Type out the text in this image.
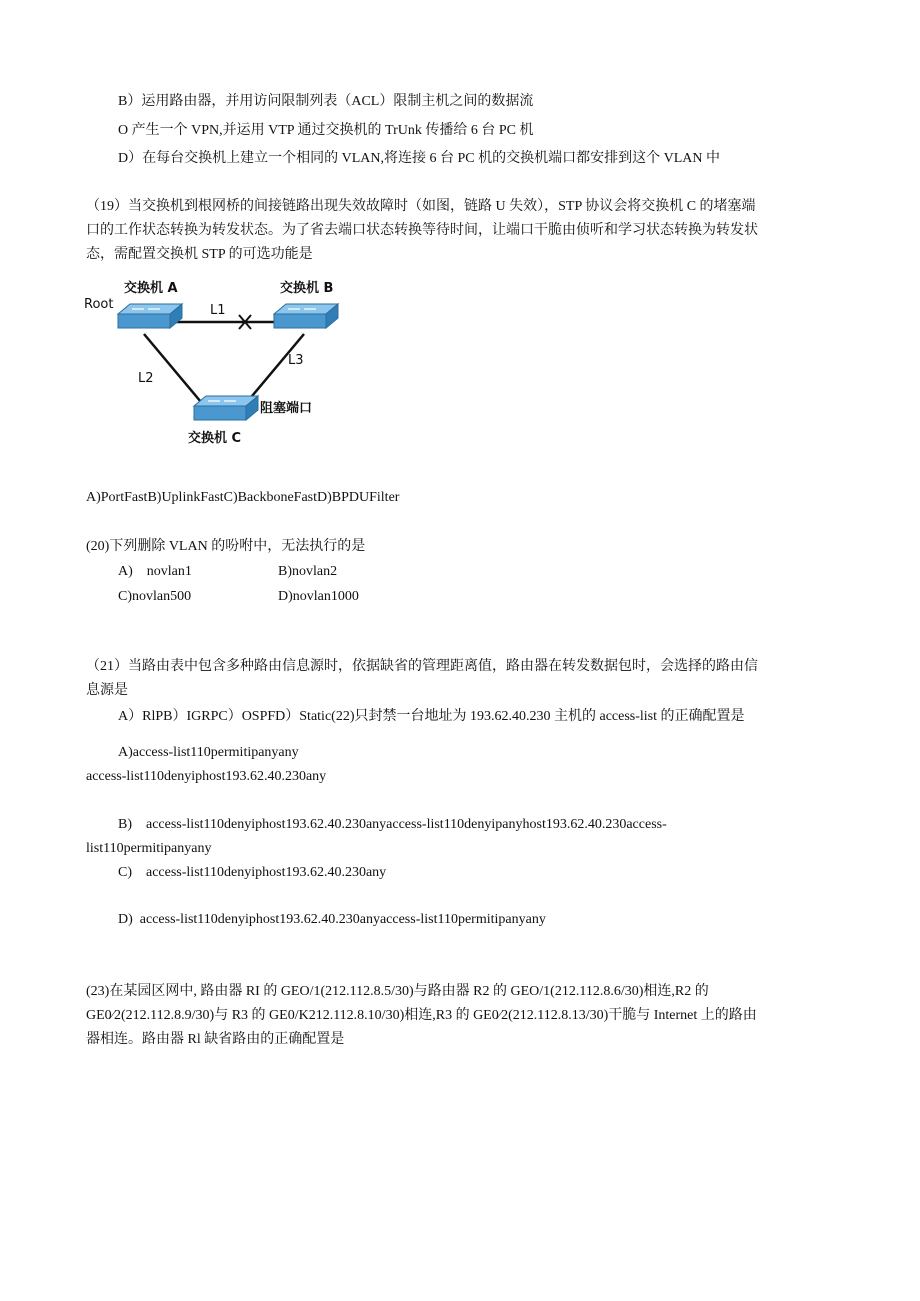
B）运用路由器，并用访问限制列表（ACL）限制主机之间的数据流
O 产生一个 VPN,并运用 VTP 通过交换机的 TrUnk 传播给 6 台 PC 机
D）在每台交换机上建立一个相同的 VLAN,将连接 6 台 PC 机的交换机端口都安排到这个 VLAN 中
（19）当交换机到根网桥的间接链路出现失效故障时（如图，链路 U 失效），STP 协议会将交换机 C 的堵塞端
口的工作状态转换为转发状态。为了省去端口状态转换等待时间，让端口干脆由侦听和学习状态转换为转发状
态，需配置交换机 STP 的可选功能是
Root
交换机 A	交换机 B
L1
L2
L3
阻塞端口
交换机 C
A)PortFastB)UplinkFastC)BackboneFastD)BPDUFilter
(20)下列删除 VLAN 的吩咐中，无法执行的是
A)    novlan1	B)novlan2
C)novlan500	D)novlan1000
（21）当路由表中包含多种路由信息源时，依据缺省的管理距离值，路由器在转发数据包时，会选择的路由信
息源是
A）RlPB）IGRPC）OSPFD）Static(22)只封禁一台地址为 193.62.40.230 主机的 access-list 的正确配置是
A)access-list110permitipanyany
access-list110denyiphost193.62.40.230any
B)    access-list110denyiphost193.62.40.230anyaccess-list110denyipanyhost193.62.40.230access-
list110permitipanyany
C)    access-list110denyiphost193.62.40.230any
D)  access-list110denyiphost193.62.40.230anyaccess-list110permitipanyany
(23)在某园区网中, 路由器 RI 的 GEO/1(212.112.8.5/30)与路由器 R2 的 GEO/1(212.112.8.6/30)相连,R2 的
GE0⁄2(212.112.8.9/30)与 R3 的 GE0/K212.112.8.10/30)相连,R3 的 GE0⁄2(212.112.8.13/30)干脆与 Internet 上的路由
器相连。路由器 Rl 缺省路由的正确配置是
